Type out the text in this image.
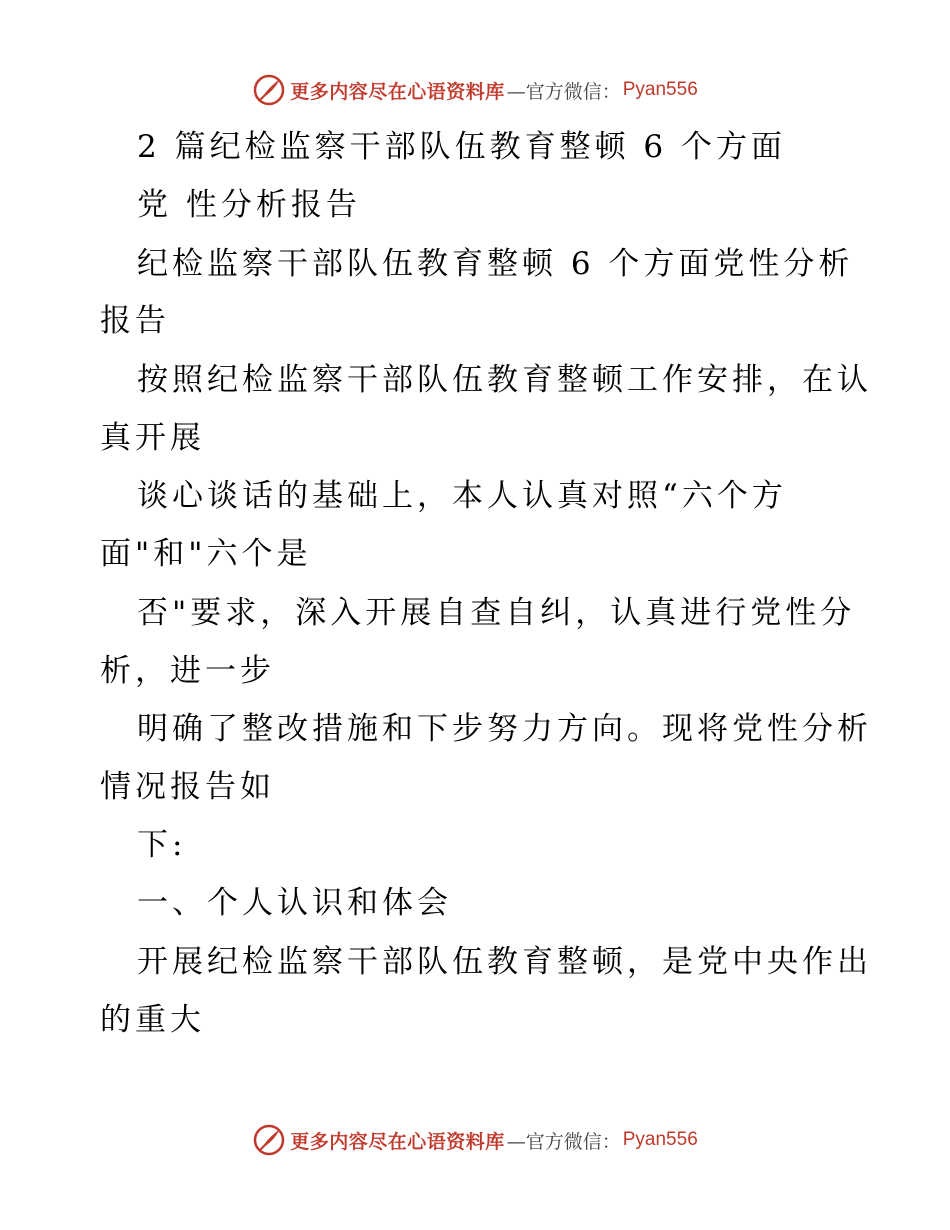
更多内容尽在心语资料库 —官方微信： Pyan556
2 篇纪检监察干部队伍教育整顿 6 个方面
党 性分析报告
纪检监察干部队伍教育整顿 6 个方面党性分析
报告
按照纪检监察干部队伍教育整顿工作安排，在认
真开展
谈心谈话的基础上，本人认真对照“六个方
面"和"六个是
否"要求，深入开展自查自纠，认真进行党性分
析，进一步
明确了整改措施和下步努力方向。现将党性分析
情况报告如
下:
一、个人认识和体会
开展纪检监察干部队伍教育整顿，是党中央作出
的重大
更多内容尽在心语资料库 —官方微信： Pyan556
